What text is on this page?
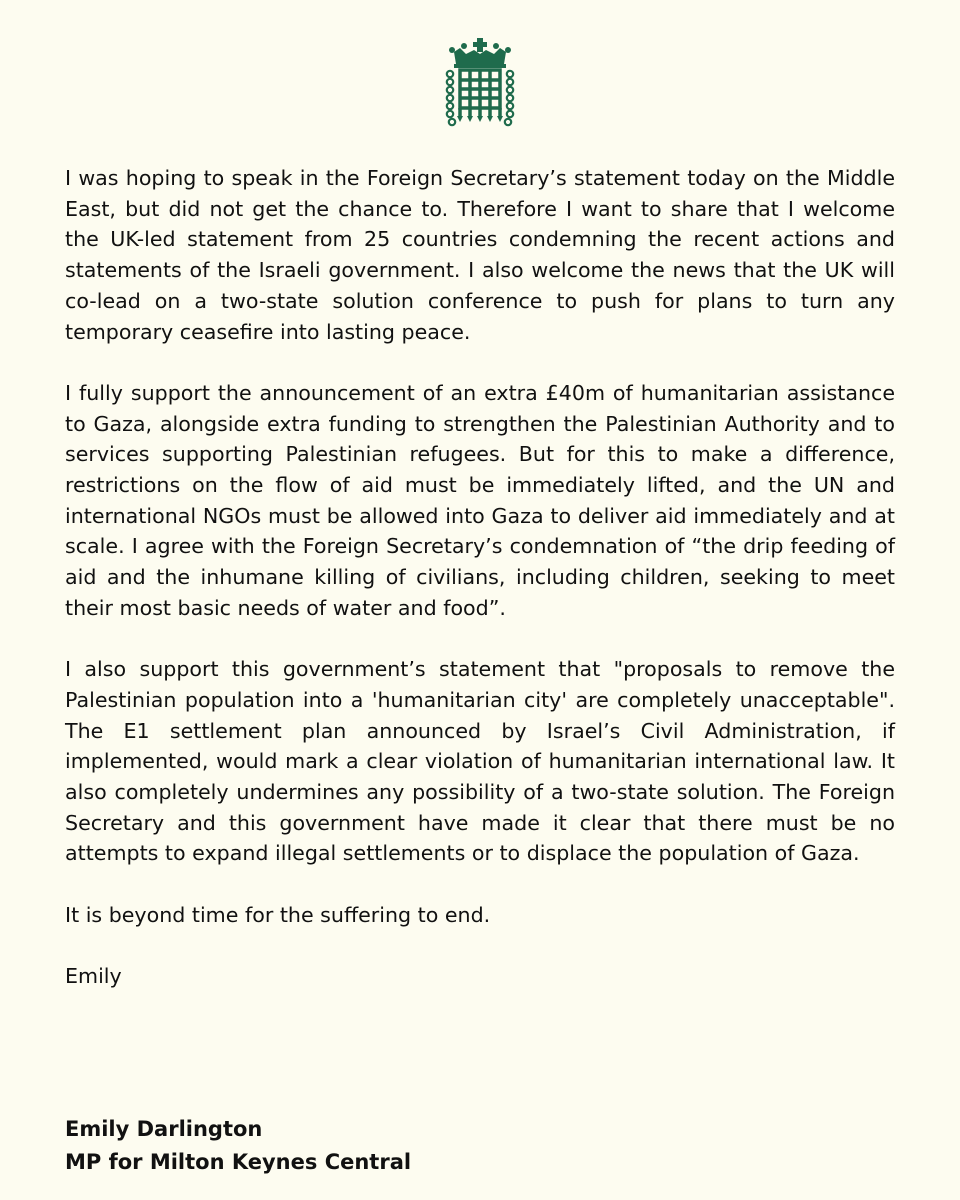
I was hoping to speak in the Foreign Secretary’s statement today on the Middle East, but did not get the chance to. Therefore I want to share that I welcome the UK-led statement from 25 countries condemning the recent actions and statements of the Israeli government. I also welcome the news that the UK will co-lead on a two-state solution conference to push for plans to turn any temporary ceasefire into lasting peace.

I fully support the announcement of an extra £40m of humanitarian assistance to Gaza, alongside extra funding to strengthen the Palestinian Authority and to services supporting Palestinian refugees. But for this to make a difference, restrictions on the flow of aid must be immediately lifted, and the UN and international NGOs must be allowed into Gaza to deliver aid immediately and at scale. I agree with the Foreign Secretary’s condemnation of “the drip feeding of aid and the inhumane killing of civilians, including children, seeking to meet their most basic needs of water and food”.

I also support this government’s statement that "proposals to remove the Palestinian population into a 'humanitarian city' are completely unacceptable". The E1 settlement plan announced by Israel’s Civil Administration, if implemented, would mark a clear violation of humanitarian international law. It also completely undermines any possibility of a two-state solution. The Foreign Secretary and this government have made it clear that there must be no attempts to expand illegal settlements or to displace the population of Gaza.

It is beyond time for the suffering to end.

Emily

Emily Darlington
MP for Milton Keynes Central
